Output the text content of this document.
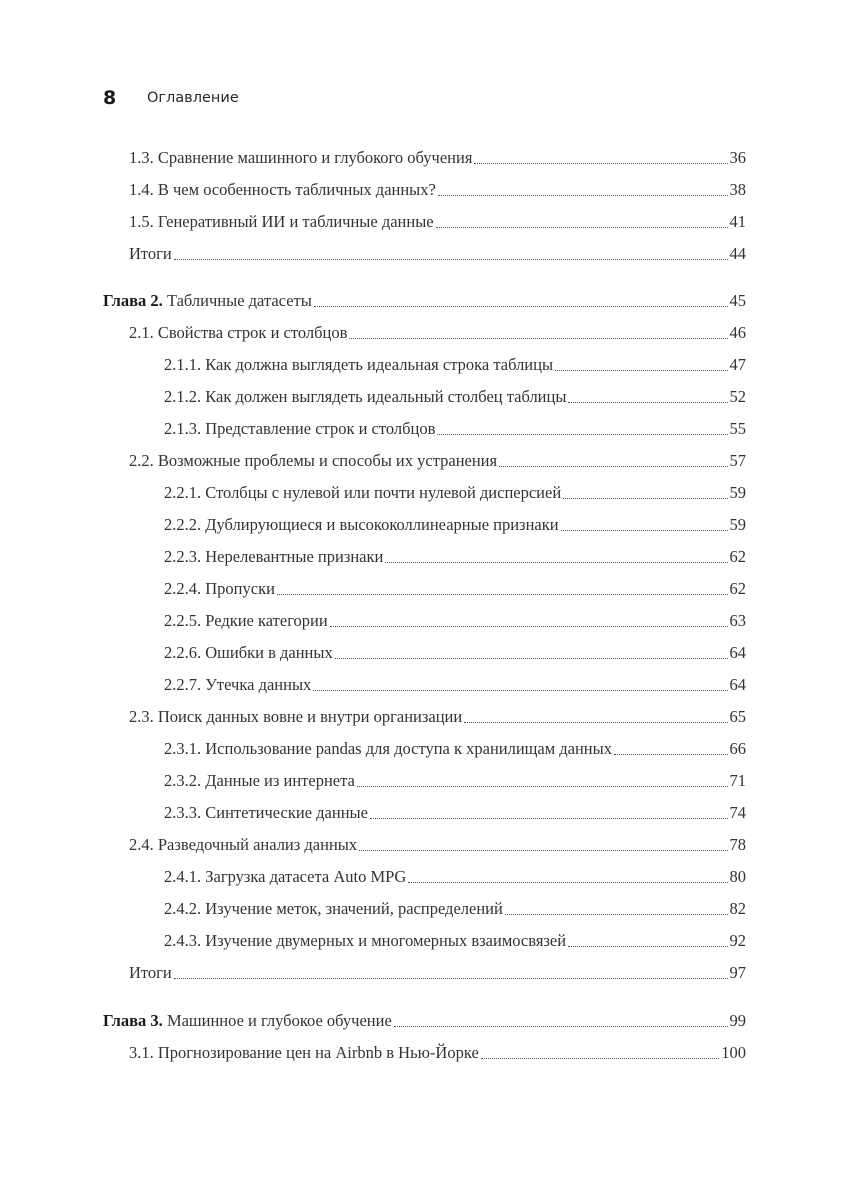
8	Оглавление
1.3. Сравнение машинного и глубокого обучения	36
1.4. В чем особенность табличных данных?	38
1.5. Генеративный ИИ и табличные данные	41
Итоги	44
Глава 2. Табличные датасеты	45
2.1. Свойства строк и столбцов	46
2.1.1. Как должна выглядеть идеальная строка таблицы	47
2.1.2. Как должен выглядеть идеальный столбец таблицы	52
2.1.3. Представление строк и столбцов	55
2.2. Возможные проблемы и способы их устранения	57
2.2.1. Столбцы с нулевой или почти нулевой дисперсией	59
2.2.2. Дублирующиеся и высококоллинеарные признаки	59
2.2.3. Нерелевантные признаки	62
2.2.4. Пропуски	62
2.2.5. Редкие категории	63
2.2.6. Ошибки в данных	64
2.2.7. Утечка данных	64
2.3. Поиск данных вовне и внутри организации	65
2.3.1. Использование pandas для доступа к хранилищам данных	66
2.3.2. Данные из интернета	71
2.3.3. Синтетические данные	74
2.4. Разведочный анализ данных	78
2.4.1. Загрузка датасета Auto MPG	80
2.4.2. Изучение меток, значений, распределений	82
2.4.3. Изучение двумерных и многомерных взаимосвязей	92
Итоги	97
Глава 3. Машинное и глубокое обучение	99
3.1. Прогнозирование цен на Airbnb в Нью-Йорке	100
